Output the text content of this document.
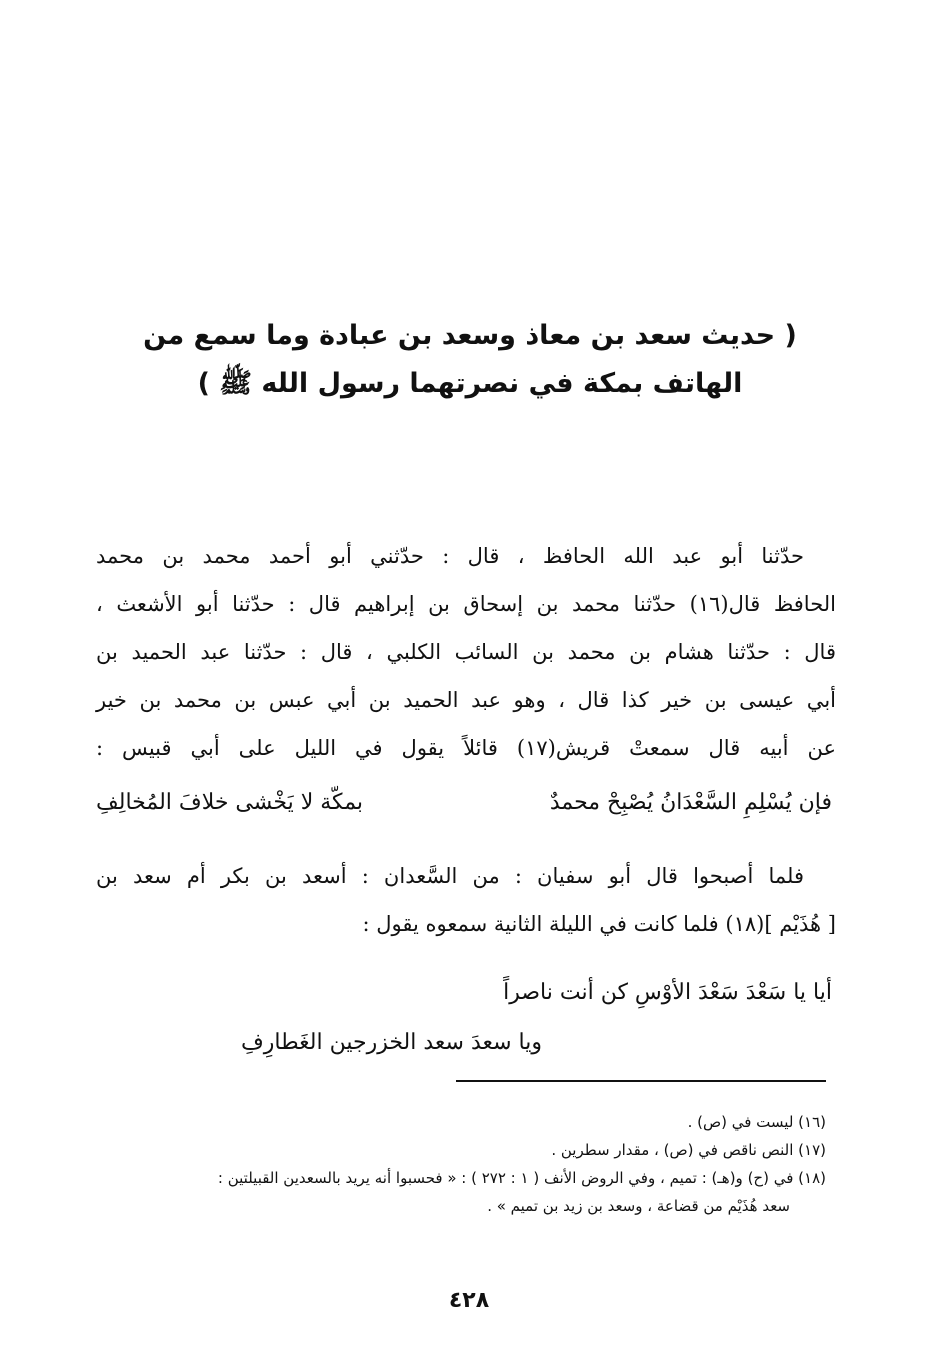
( حديث سعد بن معاذ وسعد بن عبادة وما سمع من
الهاتف بمكة في نصرتهما رسول الله ﷺ )
حدّثنا أبو عبد الله الحافظ ، قال : حدّثني أبو أحمد محمد بن محمد
الحافظ قال(١٦) حدّثنا محمد بن إسحاق بن إبراهيم قال : حدّثنا أبو الأشعث ،
قال : حدّثنا هشام بن محمد بن السائب الكلبي ، قال : حدّثنا عبد الحميد بن
أبي عيسى بن خير كذا قال ، وهو عبد الحميد بن أبي عبس بن محمد بن خير
عن أبيه قال سمعتْ قريش(١٧) قائلاً يقول في الليل على أبي قبيس :
فإن يُسْلِمِ السَّعْدَانُ يُصْبِحْ محمدٌ
بمكّة لا يَخْشى خلافَ المُخالِفِ
فلما أصبحوا قال أبو سفيان : من السَّعدان : أسعد بن بكر أم سعد بن
[ هُذَيْم ](١٨) فلما كانت في الليلة الثانية سمعوه يقول :
أيا يا سَعْدَ سَعْدَ الأوْسِ كن أنت ناصراً
ويا سعدَ سعد الخزرجين الغَطارِفِ
(١٦) ليست في (ص) .
(١٧) النص ناقص في (ص) ، مقدار سطرين .
(١٨) في (ح) و(هـ) : تميم ، وفي الروض الأنف ( ١ : ٢٧٢ ) : « فحسبوا أنه يريد بالسعدين القبيلتين :
سعد هُذَيْم من قضاعة ، وسعد بن زيد بن تميم » .
٤٢٨
